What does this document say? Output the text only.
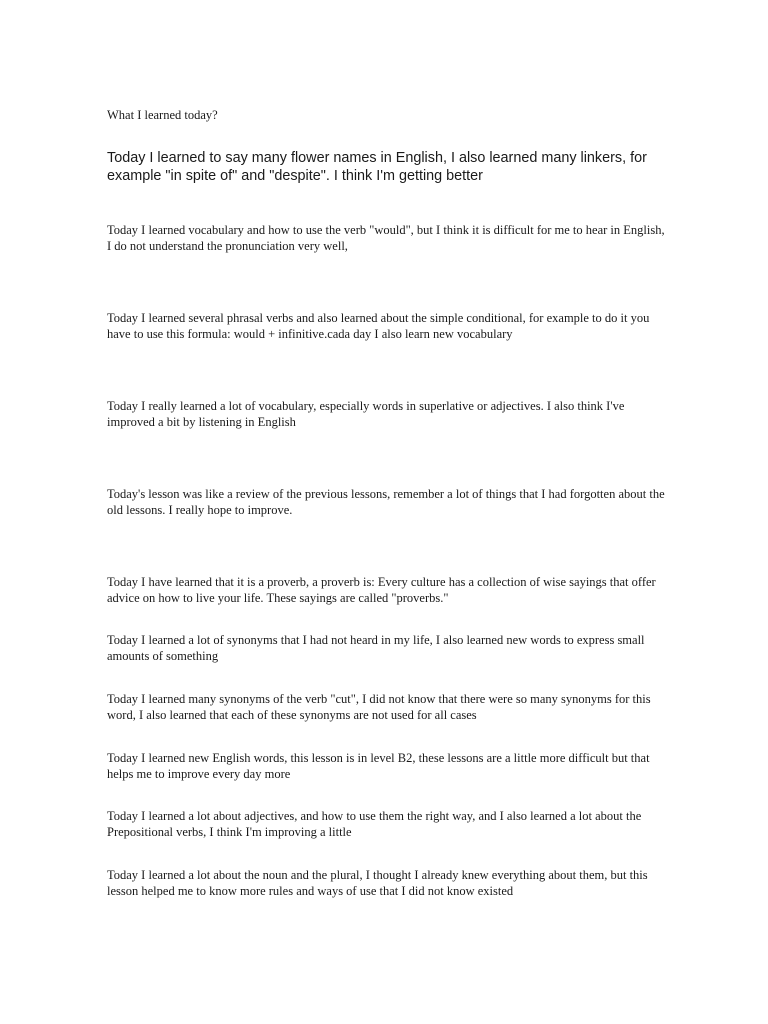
What I learned today?

Today I learned to say many flower names in English, I also learned many linkers, for example "in spite of" and "despite". I think I'm getting better

Today I learned vocabulary and how to use the verb "would", but I think it is difficult for me to hear in English, I do not understand the pronunciation very well,

Today I learned several phrasal verbs and also learned about the simple conditional, for example to do it you have to use this formula: would + infinitive.cada day I also learn new vocabulary

Today I really learned a lot of vocabulary, especially words in superlative or adjectives. I also think I've improved a bit by listening in English

Today's lesson was like a review of the previous lessons, remember a lot of things that I had forgotten about the old lessons. I really hope to improve.

Today I have learned that it is a proverb, a proverb is: Every culture has a collection of wise sayings that offer advice on how to live your life. These sayings are called "proverbs."

Today I learned a lot of synonyms that I had not heard in my life, I also learned new words to express small amounts of something

Today I learned many synonyms of the verb "cut", I did not know that there were so many synonyms for this word, I also learned that each of these synonyms are not used for all cases

Today I learned new English words, this lesson is in level B2, these lessons are a little more difficult but that helps me to improve every day more

Today I learned a lot about adjectives, and how to use them the right way, and I also learned a lot about the Prepositional verbs, I think I'm improving a little

Today I learned a lot about the noun and the plural, I thought I already knew everything about them, but this lesson helped me to know more rules and ways of use that I did not know existed
